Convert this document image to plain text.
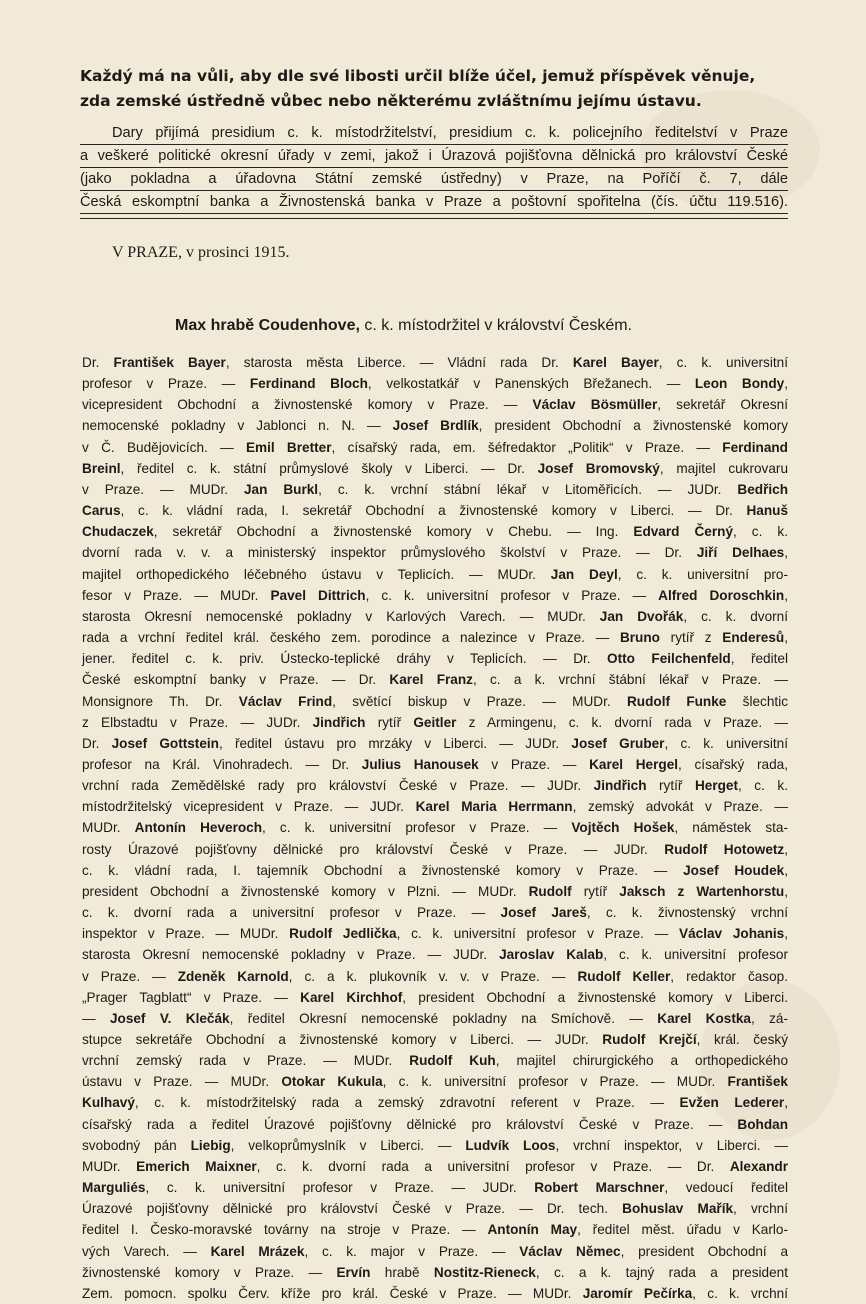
Každý má na vůli, aby dle své libosti určil blíže účel, jemuž příspěvek věnuje,
zda zemské ústředně vůbec nebo některému zvláštnímu jejímu ústavu.
Dary přijímá presidium c. k. místodržitelství, presidium c. k. policejního ředitelství v Praze
a veškeré politické okresní úřady v zemi, jakož i Úrazová pojišťovna dělnická pro království České
(jako pokladna a úřadovna Státní zemské ústředny) v Praze, na Poříčí č. 7, dále
Česká eskomptní banka a Živnostenská banka v Praze a poštovní spořitelna (čís. účtu 119.516).
V PRAZE, v prosinci 1915.
Max hrabě Coudenhove, c. k. místodržitel v království Českém.
Dr. František Bayer, starosta města Liberce. — Vládní rada Dr. Karel Bayer, c. k. universitní
profesor v Praze. — Ferdinand Bloch, velkostatkář v Panenských Břežanech. — Leon Bondy,
vicepresident Obchodní a živnostenské komory v Praze. — Václav Bösmüller, sekretář Okresní
nemocenské pokladny v Jablonci n. N. — Josef Brdlík, president Obchodní a živnostenské komory
v Č. Budějovicích. — Emil Bretter, císařský rada, em. šéfredaktor „Politik“ v Praze. — Ferdinand
Breinl, ředitel c. k. státní průmyslové školy v Liberci. — Dr. Josef Bromovský, majitel cukrovaru
v Praze. — MUDr. Jan Burkl, c. k. vrchní stábní lékař v Litoměřicích. — JUDr. Bedřich
Carus, c. k. vládní rada, I. sekretář Obchodní a živnostenské komory v Liberci. — Dr. Hanuš
Chudaczek, sekretář Obchodní a živnostenské komory v Chebu. — Ing. Edvard Černý, c. k.
dvorní rada v. v. a ministerský inspektor průmyslového školství v Praze. — Dr. Jiří Delhaes,
majitel orthopedického léčebného ústavu v Teplicích. — MUDr. Jan Deyl, c. k. universitní pro-
fesor v Praze. — MUDr. Pavel Dittrich, c. k. universitní profesor v Praze. — Alfred Doroschkin,
starosta Okresní nemocenské pokladny v Karlových Varech. — MUDr. Jan Dvořák, c. k. dvorní
rada a vrchní ředitel král. českého zem. porodince a nalezince v Praze. — Bruno rytíř z Enderesů,
jener. ředitel c. k. priv. Ústecko-teplické dráhy v Teplicích. — Dr. Otto Feilchenfeld, ředitel
České eskomptní banky v Praze. — Dr. Karel Franz, c. a k. vrchní štábní lékař v Praze. —
Monsignore Th. Dr. Václav Frind, světící biskup v Praze. — MUDr. Rudolf Funke šlechtic
z Elbstadtu v Praze. — JUDr. Jindřich rytíř Geitler z Armingenu, c. k. dvorní rada v Praze. —
Dr. Josef Gottstein, ředitel ústavu pro mrzáky v Liberci. — JUDr. Josef Gruber, c. k. universitní
profesor na Král. Vinohradech. — Dr. Julius Hanousek v Praze. — Karel Hergel, císařský rada,
vrchní rada Zemědělské rady pro království České v Praze. — JUDr. Jindřich rytíř Herget, c. k.
místodržitelský vicepresident v Praze. — JUDr. Karel Maria Herrmann, zemský advokát v Praze. —
MUDr. Antonín Heveroch, c. k. universitní profesor v Praze. — Vojtěch Hošek, náměstek sta-
rosty Úrazové pojišťovny dělnické pro království České v Praze. — JUDr. Rudolf Hotowetz,
c. k. vládní rada, I. tajemník Obchodní a živnostenské komory v Praze. — Josef Houdek,
president Obchodní a živnostenské komory v Plzni. — MUDr. Rudolf rytíř Jaksch z Wartenhorstu,
c. k. dvorní rada a universitní profesor v Praze. — Josef Jareš, c. k. živnostenský vrchní
inspektor v Praze. — MUDr. Rudolf Jedlička, c. k. universitní profesor v Praze. — Václav Johanis,
starosta Okresní nemocenské pokladny v Praze. — JUDr. Jaroslav Kalab, c. k. universitní profesor
v Praze. — Zdeněk Karnold, c. a k. plukovník v. v. v Praze. — Rudolf Keller, redaktor časop.
„Prager Tagblatt“ v Praze. — Karel Kirchhof, president Obchodní a živnostenské komory v Liberci.
— Josef V. Klečák, ředitel Okresní nemocenské pokladny na Smíchově. — Karel Kostka, zá-
stupce sekretáře Obchodní a živnostenské komory v Liberci. — JUDr. Rudolf Krejčí, král. český
vrchní zemský rada v Praze. — MUDr. Rudolf Kuh, majitel chirurgického a orthopedického
ústavu v Praze. — MUDr. Otokar Kukula, c. k. universitní profesor v Praze. — MUDr. František
Kulhavý, c. k. místodržitelský rada a zemský zdravotní referent v Praze. — Evžen Lederer,
císařský rada a ředitel Úrazové pojišťovny dělnické pro království České v Praze. — Bohdan
svobodný pán Liebig, velkoprůmyslník v Liberci. — Ludvík Loos, vrchní inspektor, v Liberci. —
MUDr. Emerich Maixner, c. k. dvorní rada a universitní profesor v Praze. — Dr. Alexandr
Marguliés, c. k. universitní profesor v Praze. — JUDr. Robert Marschner, vedoucí ředitel
Úrazové pojišťovny dělnické pro království České v Praze. — Dr. tech. Bohuslav Mařík, vrchní
ředitel I. Česko-moravské továrny na stroje v Praze. — Antonín May, ředitel měst. úřadu v Karlo-
vých Varech. — Karel Mrázek, c. k. major v Praze. — Václav Němec, president Obchodní a
živnostenské komory v Praze. — Ervín hrabě Nostitz-Rieneck, c. a k. tajný rada a president
Zem. pomocn. spolku Červ. kříže pro král. České v Praze. — MUDr. Jaromír Pečírka, c. k. vrchní
